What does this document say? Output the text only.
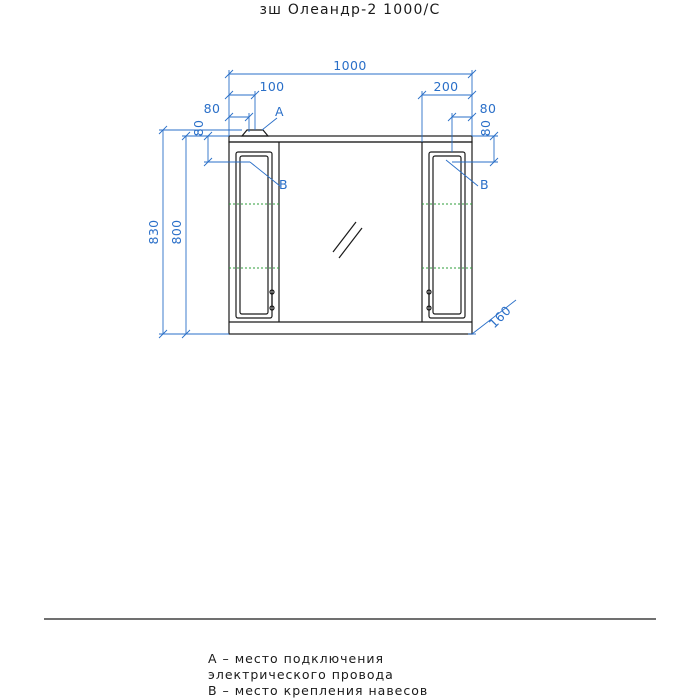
зш Олеандр-2 1000/С
1000
100
80
80
200
80
80
830 800
160
А
В	В
А – место подключения
электрического провода
В – место крепления навесов
